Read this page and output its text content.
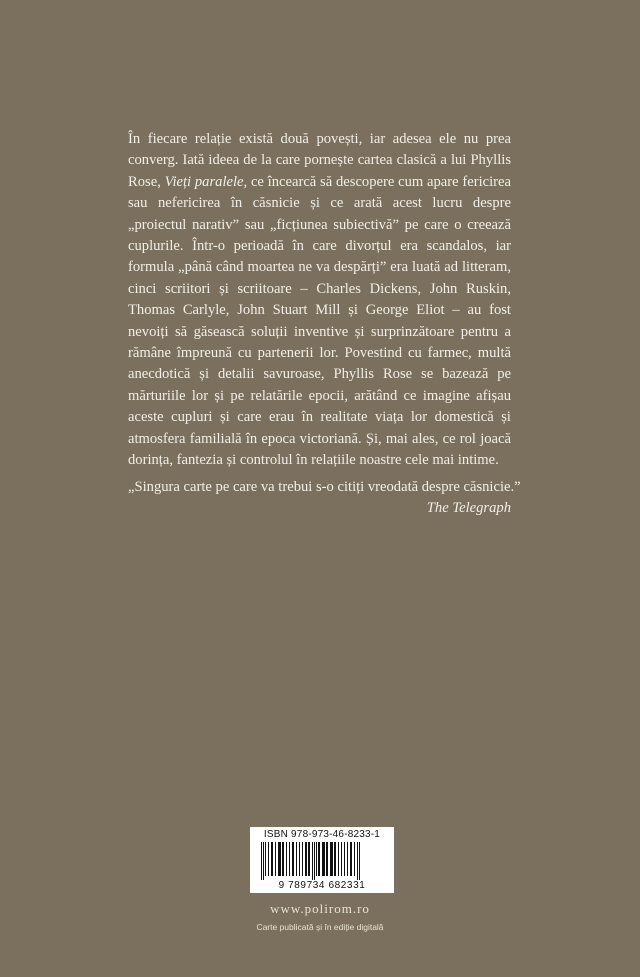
În fiecare relație există două povești, iar adesea ele nu prea converg. Iată ideea de la care pornește cartea clasică a lui Phyllis Rose, Vieți paralele, ce încearcă să descopere cum apare fericirea sau nefericirea în căsnicie și ce arată acest lucru despre „proiectul narativ” sau „ficțiunea subiectivă” pe care o creează cuplurile. Într-o perioadă în care divorțul era scandalos, iar formula „până când moartea ne va despărți” era luată ad litteram, cinci scriitori și scriitoare – Charles Dickens, John Ruskin, Thomas Carlyle, John Stuart Mill și George Eliot – au fost nevoiți să găsească soluții inventive și surprinzătoare pentru a rămâne împreună cu partenerii lor. Povestind cu farmec, multă anecdotică și detalii savuroase, Phyllis Rose se bazează pe mărturiile lor și pe relatările epocii, arătând ce imagine afișau aceste cupluri și care erau în realitate viața lor domestică și atmosfera familială în epoca victoriană. Și, mai ales, ce rol joacă dorința, fantezia și controlul în relațiile noastre cele mai intime.

„Singura carte pe care va trebui s-o citiți vreodată despre căsnicie.”
The Telegraph
ISBN 978-973-46-8233-1
9 789734 682331
www.polirom.ro
Carte publicată și în ediție digitală
